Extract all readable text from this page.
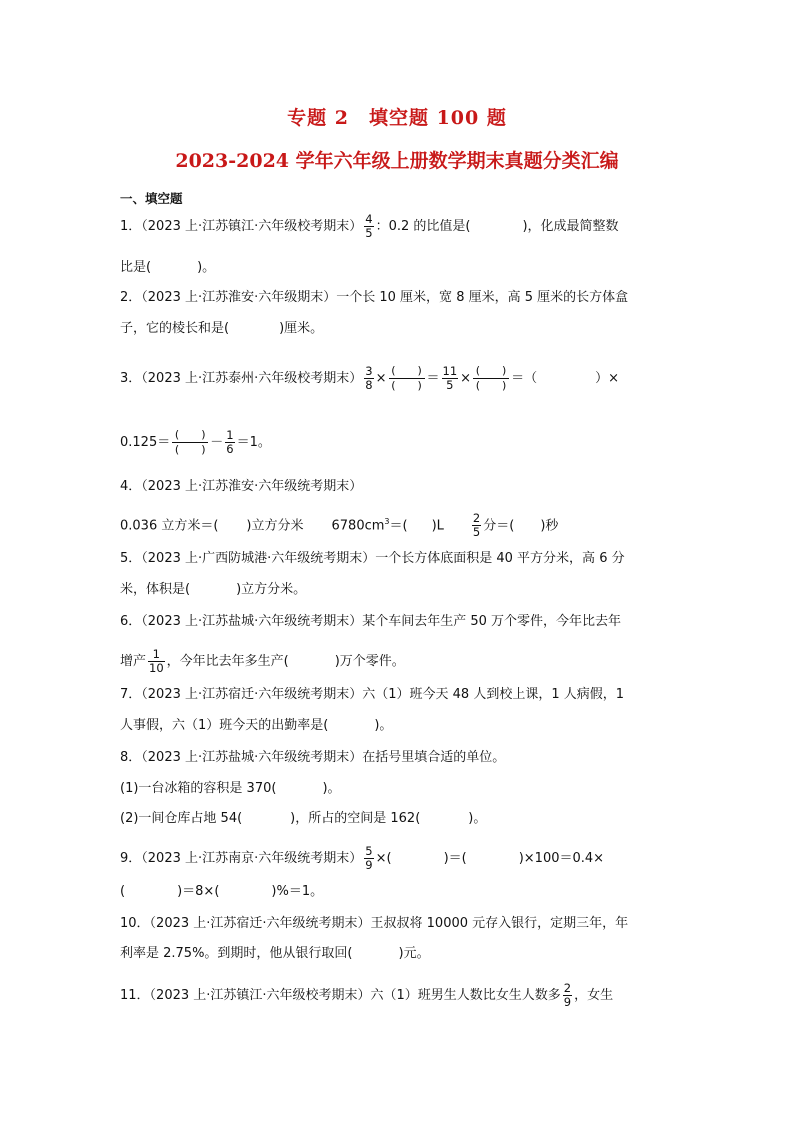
专题 2　填空题 100 题
2023-2024 学年六年级上册数学期末真题分类汇编
一、填空题
1．（2023 上·江苏镇江·六年级校考期末） $\frac{4}{5}$ ：0.2 的比值是(	)，化成最简整数
比是(	)。
2．（2023 上·江苏淮安·六年级期末）一个长 10 厘米，宽 8 厘米，高 5 厘米的长方体盒
子，它的棱长和是(	)厘米。
3．（2023 上·江苏泰州·六年级校考期末） $\frac{3}{8}$ ×
(　　)
(　　) ＝ $\frac{11}{5}$ ×
(　　)
(　　) ＝（	）×
0.125＝
(　　)
(　　) － $\frac{1}{6} =1$。
4．（2023 上·江苏淮安·六年级统考期末）
0.036 立方米＝( )立方分米 $6780cm^3=$( )$L \frac{2}{5}$ 分＝( )秒
5．（2023 上·广西防城港·六年级统考期末）一个长方体底面积是 40 平方分米，高 6 分
米，体积是(	)立方分米。
6．（2023 上·江苏盐城·六年级统考期末）某个车间去年生产 50 万个零件，今年比去年
增产 $\frac{1}{10}$ ，今年比去年多生产(	)万个零件。
7．（2023 上·江苏宿迁·六年级统考期末）六（1）班今天 48 人到校上课，1 人病假，1
人事假，六（1）班今天的出勤率是(	)。
8．（2023 上·江苏盐城·六年级统考期末）在括号里填合适的单位。
(1)一台冰箱的容积是 370(	)。
(2)一间仓库占地 54(	)，所占的空间是 162(	)。
9．（2023 上·江苏南京·六年级统考期末） $\frac{5}{9}$ ×(	)＝(	)×100＝0.4×
(	)＝8×(	)%＝1。
10．（2023 上·江苏宿迁·六年级统考期末）王叔叔将 10000 元存入银行，定期三年，年
利率是 2.75%。到期时，他从银行取回(	)元。
11．（2023 上·江苏镇江·六年级校考期末）六（1）班男生人数比女生人数多 $\frac{2}{9}$ ，女生
